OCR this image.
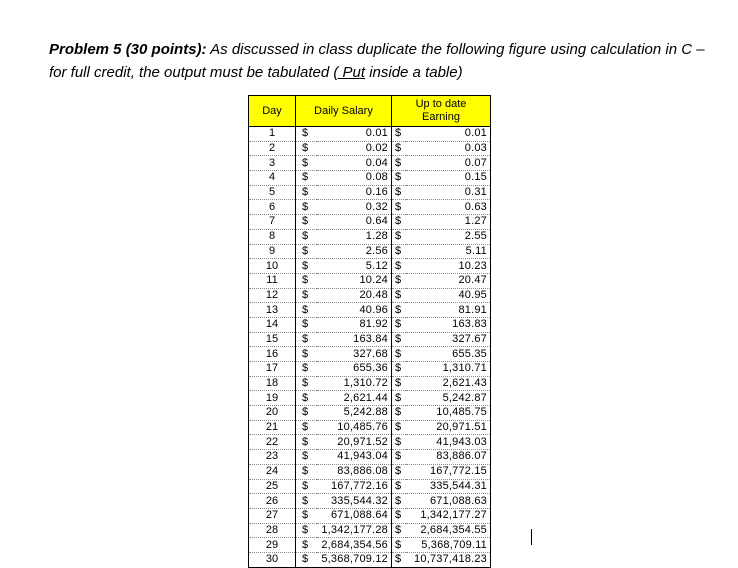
Problem 5 (30 points): As discussed in class duplicate the following figure using calculation in C –
for full credit, the output must be tabulated ( Put inside a table)
Day	Daily Salary		Up to date
Earning	
1	$	0.01	$	0.01
2	$	0.02	$	0.03
3	$	0.04	$	0.07
4	$	0.08	$	0.15
5	$	0.16	$	0.31
6	$	0.32	$	0.63
7	$	0.64	$	1.27
8	$	1.28	$	2.55
9	$	2.56	$	5.11
10	$	5.12	$	10.23
11	$	10.24	$	20.47
12	$	20.48	$	40.95
13	$	40.96	$	81.91
14	$	81.92	$	163.83
15	$	163.84	$	327.67
16	$	327.68	$	655.35
17	$	655.36	$	1,310.71
18	$	1,310.72	$	2,621.43
19	$	2,621.44	$	5,242.87
20	$	5,242.88	$	10,485.75
21	$	10,485.76	$	20,971.51
22	$	20,971.52	$	41,943.03
23	$	41,943.04	$	83,886.07
24	$	83,886.08	$	167,772.15
25	$	167,772.16	$	335,544.31
26	$	335,544.32	$	671,088.63
27	$	671,088.64	$	1,342,177.27
28	$	1,342,177.28	$	2,684,354.55
29	$	2,684,354.56	$	5,368,709.11
30	$	5,368,709.12	$	10,737,418.23
